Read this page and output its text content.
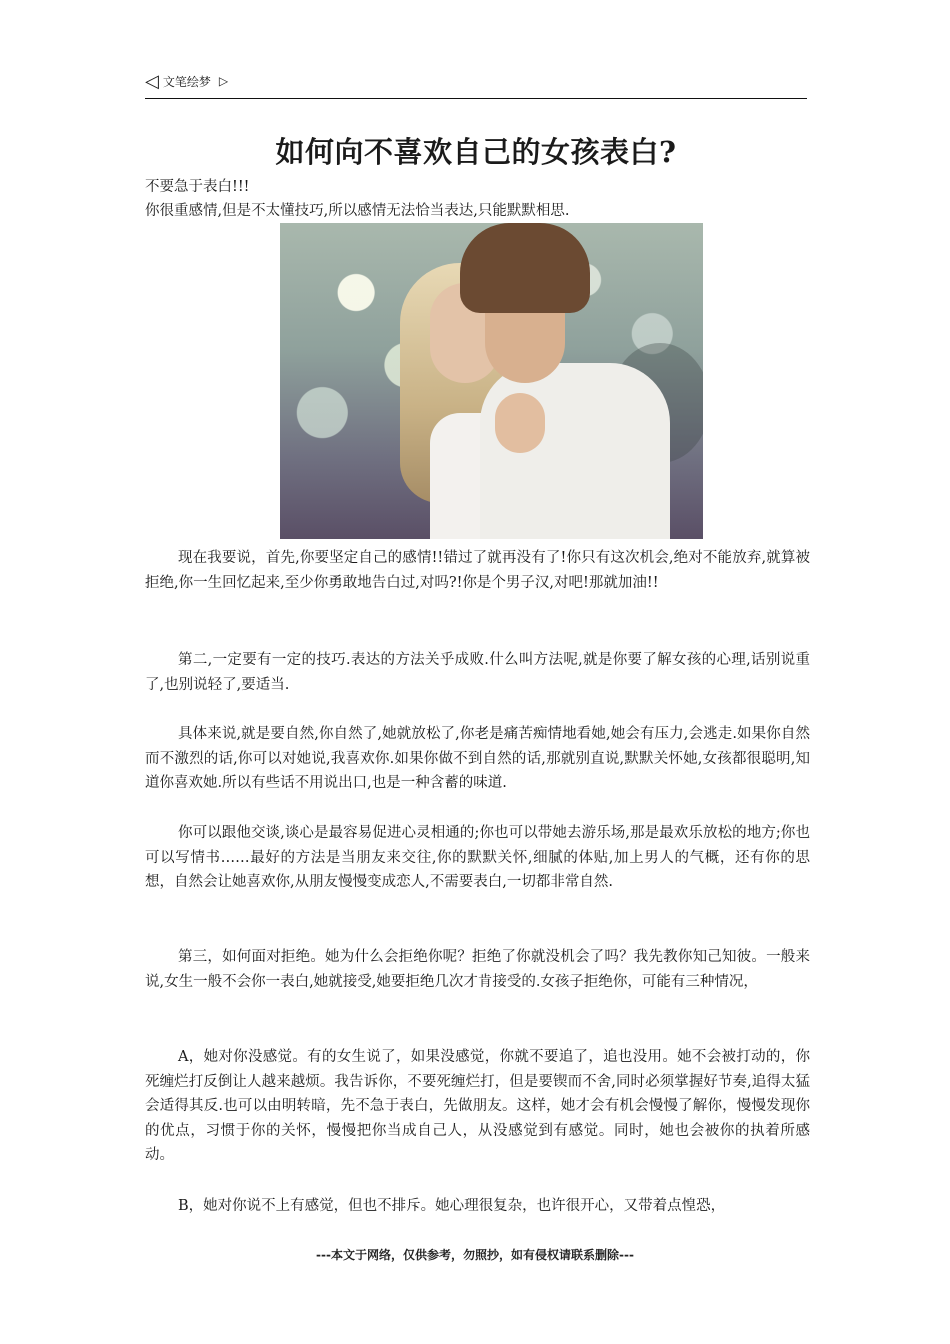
◁ 文笔绘梦 ▷
如何向不喜欢自己的女孩表白?
不要急于表白!!!
你很重感情,但是不太懂技巧,所以感情无法恰当表达,只能默默相思.

现在我要说，首先,你要坚定自己的感情!!错过了就再没有了!你只有这次机会,绝对不能放弃,就算被拒绝,你一生回忆起来,至少你勇敢地告白过,对吗?!你是个男子汉,对吧!那就加油!!

第二,一定要有一定的技巧.表达的方法关乎成败.什么叫方法呢,就是你要了解女孩的心理,话别说重了,也别说轻了,要适当.

具体来说,就是要自然,你自然了,她就放松了,你老是痛苦痴情地看她,她会有压力,会逃走.如果你自然而不激烈的话,你可以对她说,我喜欢你.如果你做不到自然的话,那就别直说,默默关怀她,女孩都很聪明,知道你喜欢她.所以有些话不用说出口,也是一种含蓄的味道.

你可以跟他交谈,谈心是最容易促进心灵相通的;你也可以带她去游乐场,那是最欢乐放松的地方;你也可以写情书……最好的方法是当朋友来交往,你的默默关怀,细腻的体贴,加上男人的气概，还有你的思想，自然会让她喜欢你,从朋友慢慢变成恋人,不需要表白,一切都非常自然.

第三，如何面对拒绝。她为什么会拒绝你呢？拒绝了你就没机会了吗？我先教你知己知彼。一般来说,女生一般不会你一表白,她就接受,她要拒绝几次才肯接受的.女孩子拒绝你，可能有三种情况，

A，她对你没感觉。有的女生说了，如果没感觉，你就不要追了，追也没用。她不会被打动的，你死缠烂打反倒让人越来越烦。我告诉你，不要死缠烂打，但是要锲而不舍,同时必须掌握好节奏,追得太猛会适得其反.也可以由明转暗，先不急于表白，先做朋友。这样，她才会有机会慢慢了解你，慢慢发现你的优点，习惯于你的关怀，慢慢把你当成自己人，从没感觉到有感觉。同时，她也会被你的执着所感动。

B，她对你说不上有感觉，但也不排斥。她心理很复杂，也许很开心，又带着点惶恐，

---本文于网络，仅供参考，勿照抄，如有侵权请联系删除---
